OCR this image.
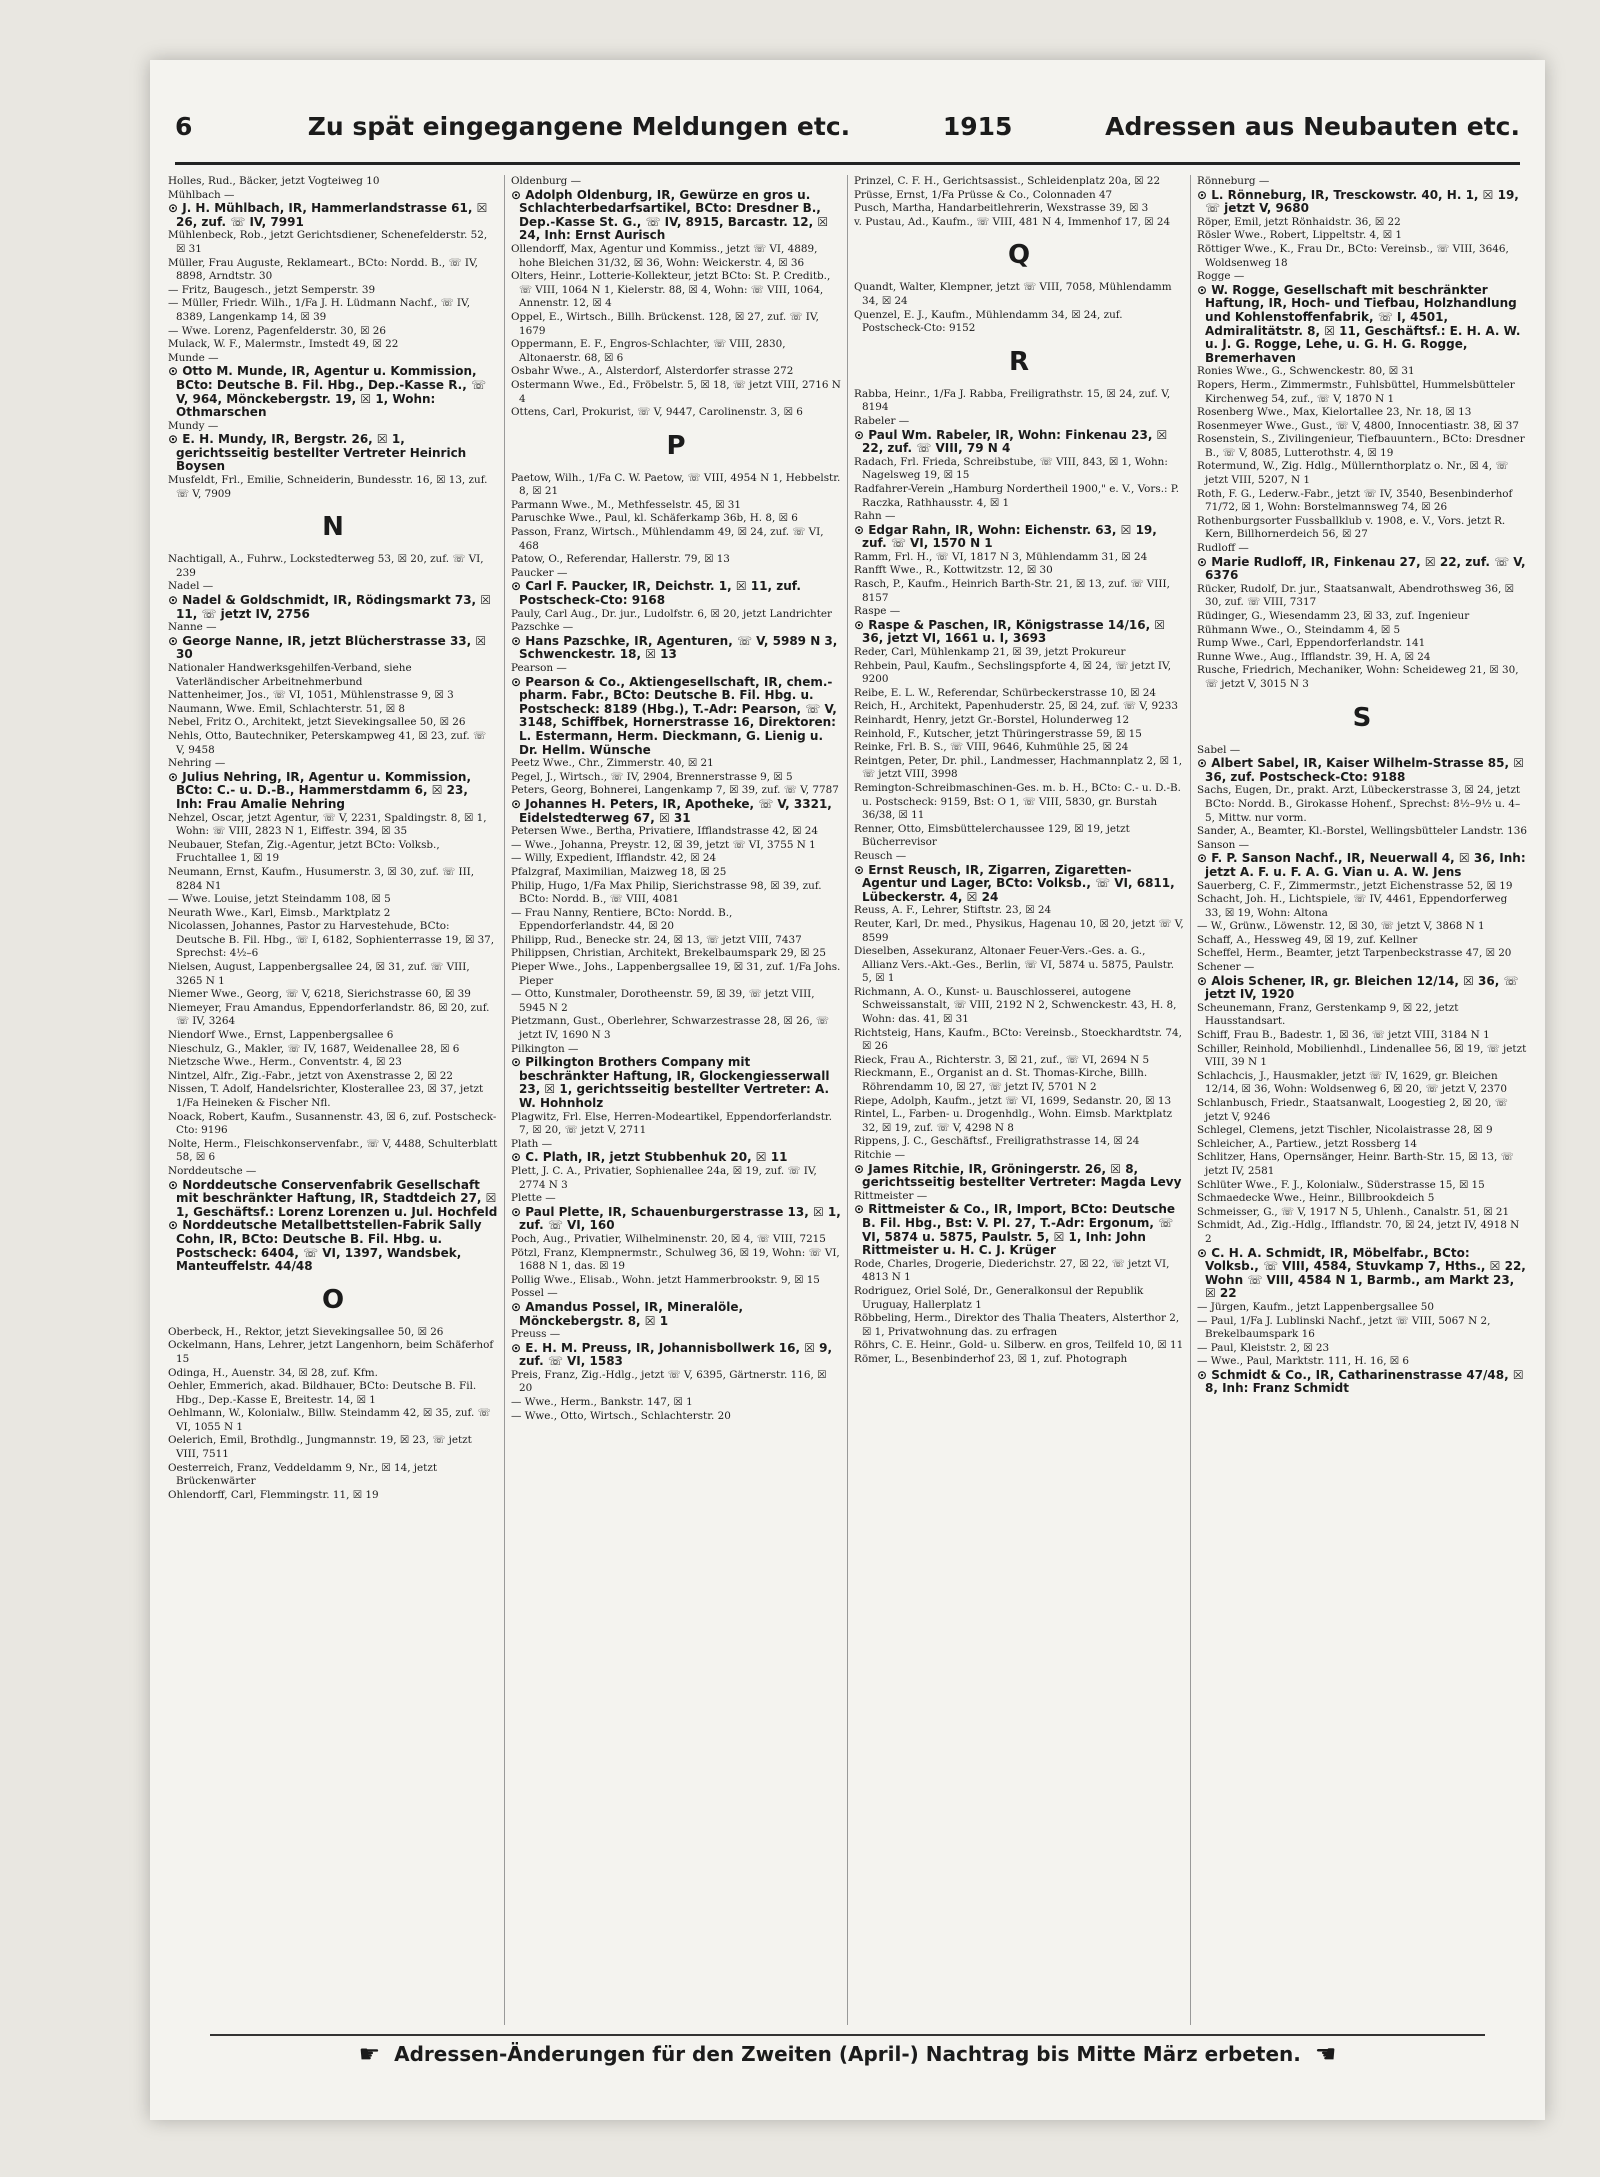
6	Zu spät eingegangene Meldungen etc.	1915	Adressen aus Neubauten etc.
Holles, Rud., Bäcker, jetzt Vogteiweg 10
Mühlbach —
⊙ J. H. Mühlbach, IR, Hammerlandstrasse 61, ☒ 26, zuf. ☏ IV, 7991
Mühlenbeck, Rob., jetzt Gerichtsdiener, Schenefelderstr. 52, ☒ 31
Müller, Frau Auguste, Reklameart., BCto: Nordd. B., ☏ IV, 8898, Arndtstr. 30
— Fritz, Baugesch., jetzt Semperstr. 39
— Müller, Friedr. Wilh., 1/Fa J. H. Lüdmann Nachf., ☏ IV, 8389, Langenkamp 14, ☒ 39
— Wwe. Lorenz, Pagenfelderstr. 30, ☒ 26
Mulack, W. F., Malermstr., Imstedt 49, ☒ 22
Munde —
⊙ Otto M. Munde, IR, Agentur u. Kommission, BCto: Deutsche B. Fil. Hbg., Dep.-Kasse R., ☏ V, 964, Mönckebergstr. 19, ☒ 1, Wohn: Othmarschen
Mundy —
⊙ E. H. Mundy, IR, Bergstr. 26, ☒ 1, gerichtsseitig bestellter Vertreter Heinrich Boysen
Musfeldt, Frl., Emilie, Schneiderin, Bundesstr. 16, ☒ 13, zuf. ☏ V, 7909
N
Nachtigall, A., Fuhrw., Lockstedterweg 53, ☒ 20, zuf. ☏ VI, 239
Nadel —
⊙ Nadel & Goldschmidt, IR, Rödingsmarkt 73, ☒ 11, ☏ jetzt IV, 2756
Nanne —
⊙ George Nanne, IR, jetzt Blücherstrasse 33, ☒ 30
Nationaler Handwerksgehilfen-Verband, siehe Vaterländischer Arbeitnehmerbund
Nattenheimer, Jos., ☏ VI, 1051, Mühlenstrasse 9, ☒ 3
Naumann, Wwe. Emil, Schlachterstr. 51, ☒ 8
Nebel, Fritz O., Architekt, jetzt Sievekingsallee 50, ☒ 26
Nehls, Otto, Bautechniker, Peterskampweg 41, ☒ 23, zuf. ☏ V, 9458
Nehring —
⊙ Julius Nehring, IR, Agentur u. Kommission, BCto: C.- u. D.-B., Hammerstdamm 6, ☒ 23, Inh: Frau Amalie Nehring
Nehzel, Oscar, jetzt Agentur, ☏ V, 2231, Spaldingstr. 8, ☒ 1, Wohn: ☏ VIII, 2823 N 1, Eiffestr. 394, ☒ 35
Neubauer, Stefan, Zig.-Agentur, jetzt BCto: Volksb., Fruchtallee 1, ☒ 19
Neumann, Ernst, Kaufm., Husumerstr. 3, ☒ 30, zuf. ☏ III, 8284 N1
— Wwe. Louise, jetzt Steindamm 108, ☒ 5
Neurath Wwe., Karl, Eimsb., Marktplatz 2
Nicolassen, Johannes, Pastor zu Harvestehude, BCto: Deutsche B. Fil. Hbg., ☏ I, 6182, Sophienterrasse 19, ☒ 37, Sprechst: 4½–6
Nielsen, August, Lappenbergsallee 24, ☒ 31, zuf. ☏ VIII, 3265 N 1
Niemer Wwe., Georg, ☏ V, 6218, Sierichstrasse 60, ☒ 39
Niemeyer, Frau Amandus, Eppendorferlandstr. 86, ☒ 20, zuf. ☏ IV, 3264
Niendorf Wwe., Ernst, Lappenbergsallee 6
Nieschulz, G., Makler, ☏ IV, 1687, Weidenallee 28, ☒ 6
Nietzsche Wwe., Herm., Conventstr. 4, ☒ 23
Nintzel, Alfr., Zig.-Fabr., jetzt von Axenstrasse 2, ☒ 22
Nissen, T. Adolf, Handelsrichter, Klosterallee 23, ☒ 37, jetzt 1/Fa Heineken & Fischer Nfl.
Noack, Robert, Kaufm., Susannenstr. 43, ☒ 6, zuf. Postscheck-Cto: 9196
Nolte, Herm., Fleischkonservenfabr., ☏ V, 4488, Schulterblatt 58, ☒ 6
Norddeutsche —
⊙ Norddeutsche Conservenfabrik Gesellschaft mit beschränkter Haftung, IR, Stadtdeich 27, ☒ 1, Geschäftsf.: Lorenz Lorenzen u. Jul. Hochfeld
⊙ Norddeutsche Metallbettstellen-Fabrik Sally Cohn, IR, BCto: Deutsche B. Fil. Hbg. u. Postscheck: 6404, ☏ VI, 1397, Wandsbek, Manteuffelstr. 44/48
O
Oberbeck, H., Rektor, jetzt Sievekingsallee 50, ☒ 26
Ockelmann, Hans, Lehrer, jetzt Langenhorn, beim Schäferhof 15
Odinga, H., Auenstr. 34, ☒ 28, zuf. Kfm.
Oehler, Emmerich, akad. Bildhauer, BCto: Deutsche B. Fil. Hbg., Dep.-Kasse E, Breitestr. 14, ☒ 1
Oehlmann, W., Kolonialw., Billw. Steindamm 42, ☒ 35, zuf. ☏ VI, 1055 N 1
Oelerich, Emil, Brothdlg., Jungmannstr. 19, ☒ 23, ☏ jetzt VIII, 7511
Oesterreich, Franz, Veddeldamm 9, Nr., ☒ 14, jetzt Brückenwärter
Ohlendorff, Carl, Flemmingstr. 11, ☒ 19
Oldenburg —
⊙ Adolph Oldenburg, IR, Gewürze en gros u. Schlachterbedarfsartikel, BCto: Dresdner B., Dep.-Kasse St. G., ☏ IV, 8915, Barcastr. 12, ☒ 24, Inh: Ernst Aurisch
Ollendorff, Max, Agentur und Kommiss., jetzt ☏ VI, 4889, hohe Bleichen 31/32, ☒ 36, Wohn: Weickerstr. 4, ☒ 36
Olters, Heinr., Lotterie-Kollekteur, jetzt BCto: St. P. Creditb., ☏ VIII, 1064 N 1, Kielerstr. 88, ☒ 4, Wohn: ☏ VIII, 1064, Annenstr. 12, ☒ 4
Oppel, E., Wirtsch., Billh. Brückenst. 128, ☒ 27, zuf. ☏ IV, 1679
Oppermann, E. F., Engros-Schlachter, ☏ VIII, 2830, Altonaerstr. 68, ☒ 6
Osbahr Wwe., A., Alsterdorf, Alsterdorfer strasse 272
Ostermann Wwe., Ed., Fröbelstr. 5, ☒ 18, ☏ jetzt VIII, 2716 N 4
Ottens, Carl, Prokurist, ☏ V, 9447, Carolinenstr. 3, ☒ 6
P
Paetow, Wilh., 1/Fa C. W. Paetow, ☏ VIII, 4954 N 1, Hebbelstr. 8, ☒ 21
Parmann Wwe., M., Methfesselstr. 45, ☒ 31
Paruschke Wwe., Paul, kl. Schäferkamp 36b, H. 8, ☒ 6
Passon, Franz, Wirtsch., Mühlendamm 49, ☒ 24, zuf. ☏ VI, 468
Patow, O., Referendar, Hallerstr. 79, ☒ 13
Paucker —
⊙ Carl F. Paucker, IR, Deichstr. 1, ☒ 11, zuf. Postscheck-Cto: 9168
Pauly, Carl Aug., Dr. jur., Ludolfstr. 6, ☒ 20, jetzt Landrichter
Pazschke —
⊙ Hans Pazschke, IR, Agenturen, ☏ V, 5989 N 3, Schwenckestr. 18, ☒ 13
Pearson —
⊙ Pearson & Co., Aktiengesellschaft, IR, chem.-pharm. Fabr., BCto: Deutsche B. Fil. Hbg. u. Postscheck: 8189 (Hbg.), T.-Adr: Pearson, ☏ V, 3148, Schiffbek, Hornerstrasse 16, Direktoren: L. Estermann, Herm. Dieckmann, G. Lienig u. Dr. Hellm. Wünsche
Peetz Wwe., Chr., Zimmerstr. 40, ☒ 21
Pegel, J., Wirtsch., ☏ IV, 2904, Brennerstrasse 9, ☒ 5
Peters, Georg, Bohnerei, Langenkamp 7, ☒ 39, zuf. ☏ V, 7787
⊙ Johannes H. Peters, IR, Apotheke, ☏ V, 3321, Eidelstedterweg 67, ☒ 31
Petersen Wwe., Bertha, Privatiere, Ifflandstrasse 42, ☒ 24
— Wwe., Johanna, Preystr. 12, ☒ 39, jetzt ☏ VI, 3755 N 1
— Willy, Expedient, Ifflandstr. 42, ☒ 24
Pfalzgraf, Maximilian, Maizweg 18, ☒ 25
Philip, Hugo, 1/Fa Max Philip, Sierichstrasse 98, ☒ 39, zuf. BCto: Nordd. B., ☏ VIII, 4081
— Frau Nanny, Rentiere, BCto: Nordd. B., Eppendorferlandstr. 44, ☒ 20
Philipp, Rud., Benecke str. 24, ☒ 13, ☏ jetzt VIII, 7437
Philippsen, Christian, Architekt, Brekelbaumspark 29, ☒ 25
Pieper Wwe., Johs., Lappenbergsallee 19, ☒ 31, zuf. 1/Fa Johs. Pieper
— Otto, Kunstmaler, Dorotheenstr. 59, ☒ 39, ☏ jetzt VIII, 5945 N 2
Pietzmann, Gust., Oberlehrer, Schwarzestrasse 28, ☒ 26, ☏ jetzt IV, 1690 N 3
Pilkington —
⊙ Pilkington Brothers Company mit beschränkter Haftung, IR, Glockengiesserwall 23, ☒ 1, gerichtsseitig bestellter Vertreter: A. W. Hohnholz
Plagwitz, Frl. Else, Herren-Modeartikel, Eppendorferlandstr. 7, ☒ 20, ☏ jetzt V, 2711
Plath —
⊙ C. Plath, IR, jetzt Stubbenhuk 20, ☒ 11
Plett, J. C. A., Privatier, Sophienallee 24a, ☒ 19, zuf. ☏ IV, 2774 N 3
Plette —
⊙ Paul Plette, IR, Schauenburgerstrasse 13, ☒ 1, zuf. ☏ VI, 160
Poch, Aug., Privatier, Wilhelminenstr. 20, ☒ 4, ☏ VIII, 7215
Pötzl, Franz, Klempnermstr., Schulweg 36, ☒ 19, Wohn: ☏ VI, 1688 N 1, das. ☒ 19
Pollig Wwe., Elisab., Wohn. jetzt Hammerbrookstr. 9, ☒ 15
Possel —
⊙ Amandus Possel, IR, Mineralöle, Mönckebergstr. 8, ☒ 1
Preuss —
⊙ E. H. M. Preuss, IR, Johannisbollwerk 16, ☒ 9, zuf. ☏ VI, 1583
Preis, Franz, Zig.-Hdlg., jetzt ☏ V, 6395, Gärtnerstr. 116, ☒ 20
— Wwe., Herm., Bankstr. 147, ☒ 1
— Wwe., Otto, Wirtsch., Schlachterstr. 20
Prinzel, C. F. H., Gerichtsassist., Schleidenplatz 20a, ☒ 22
Prüsse, Ernst, 1/Fa Prüsse & Co., Colonnaden 47
Pusch, Martha, Handarbeitlehrerin, Wexstrasse 39, ☒ 3
v. Pustau, Ad., Kaufm., ☏ VIII, 481 N 4, Immenhof 17, ☒ 24
Q
Quandt, Walter, Klempner, jetzt ☏ VIII, 7058, Mühlendamm 34, ☒ 24
Quenzel, E. J., Kaufm., Mühlendamm 34, ☒ 24, zuf. Postscheck-Cto: 9152
R
Rabba, Heinr., 1/Fa J. Rabba, Freiligrathstr. 15, ☒ 24, zuf. V, 8194
Rabeler —
⊙ Paul Wm. Rabeler, IR, Wohn: Finkenau 23, ☒ 22, zuf. ☏ VIII, 79 N 4
Radach, Frl. Frieda, Schreibstube, ☏ VIII, 843, ☒ 1, Wohn: Nagelsweg 19, ☒ 15
Radfahrer-Verein „Hamburg Nordertheil 1900," e. V., Vors.: P. Raczka, Rathhausstr. 4, ☒ 1
Rahn —
⊙ Edgar Rahn, IR, Wohn: Eichenstr. 63, ☒ 19, zuf. ☏ VI, 1570 N 1
Ramm, Frl. H., ☏ VI, 1817 N 3, Mühlendamm 31, ☒ 24
Ranfft Wwe., R., Kottwitzstr. 12, ☒ 30
Rasch, P., Kaufm., Heinrich Barth-Str. 21, ☒ 13, zuf. ☏ VIII, 8157
Raspe —
⊙ Raspe & Paschen, IR, Königstrasse 14/16, ☒ 36, jetzt VI, 1661 u. I, 3693
Reder, Carl, Mühlenkamp 21, ☒ 39, jetzt Prokureur
Rehbein, Paul, Kaufm., Sechslingspforte 4, ☒ 24, ☏ jetzt IV, 9200
Reibe, E. L. W., Referendar, Schürbeckerstrasse 10, ☒ 24
Reich, H., Architekt, Papenhuderstr. 25, ☒ 24, zuf. ☏ V, 9233
Reinhardt, Henry, jetzt Gr.-Borstel, Holunderweg 12
Reinhold, F., Kutscher, jetzt Thüringerstrasse 59, ☒ 15
Reinke, Frl. B. S., ☏ VIII, 9646, Kuhmühle 25, ☒ 24
Reintgen, Peter, Dr. phil., Landmesser, Hachmannplatz 2, ☒ 1, ☏ jetzt VIII, 3998
Remington-Schreibmaschinen-Ges. m. b. H., BCto: C.- u. D.-B. u. Postscheck: 9159, Bst: O 1, ☏ VIII, 5830, gr. Burstah 36/38, ☒ 11
Renner, Otto, Eimsbüttelerchaussee 129, ☒ 19, jetzt Bücherrevisor
Reusch —
⊙ Ernst Reusch, IR, Zigarren, Zigaretten-Agentur und Lager, BCto: Volksb., ☏ VI, 6811, Lübeckerstr. 4, ☒ 24
Reuss, A. F., Lehrer, Stiftstr. 23, ☒ 24
Reuter, Karl, Dr. med., Physikus, Hagenau 10, ☒ 20, jetzt ☏ V, 8599
Dieselben, Assekuranz, Altonaer Feuer-Vers.-Ges. a. G., Allianz Vers.-Akt.-Ges., Berlin, ☏ VI, 5874 u. 5875, Paulstr. 5, ☒ 1
Richmann, A. O., Kunst- u. Bauschlosserei, autogene Schweissanstalt, ☏ VIII, 2192 N 2, Schwenckestr. 43, H. 8, Wohn: das. 41, ☒ 31
Richtsteig, Hans, Kaufm., BCto: Vereinsb., Stoeckhardtstr. 74, ☒ 26
Rieck, Frau A., Richterstr. 3, ☒ 21, zuf., ☏ VI, 2694 N 5
Rieckmann, E., Organist an d. St. Thomas-Kirche, Billh. Röhrendamm 10, ☒ 27, ☏ jetzt IV, 5701 N 2
Riepe, Adolph, Kaufm., jetzt ☏ VI, 1699, Sedanstr. 20, ☒ 13
Rintel, L., Farben- u. Drogenhdlg., Wohn. Eimsb. Marktplatz 32, ☒ 19, zuf. ☏ V, 4298 N 8
Rippens, J. C., Geschäftsf., Freiligrathstrasse 14, ☒ 24
Ritchie —
⊙ James Ritchie, IR, Gröningerstr. 26, ☒ 8, gerichtsseitig bestellter Vertreter: Magda Levy
Rittmeister —
⊙ Rittmeister & Co., IR, Import, BCto: Deutsche B. Fil. Hbg., Bst: V. Pl. 27, T.-Adr: Ergonum, ☏ VI, 5874 u. 5875, Paulstr. 5, ☒ 1, Inh: John Rittmeister u. H. C. J. Krüger
Rode, Charles, Drogerie, Diederichstr. 27, ☒ 22, ☏ jetzt VI, 4813 N 1
Rodriguez, Oriel Solé, Dr., Generalkonsul der Republik Uruguay, Hallerplatz 1
Röbbeling, Herm., Direktor des Thalia Theaters, Alsterthor 2, ☒ 1, Privatwohnung das. zu erfragen
Röhrs, C. E. Heinr., Gold- u. Silberw. en gros, Teilfeld 10, ☒ 11
Römer, L., Besenbinderhof 23, ☒ 1, zuf. Photograph
Rönneburg —
⊙ L. Rönneburg, IR, Tresckowstr. 40, H. 1, ☒ 19, ☏ jetzt V, 9680
Röper, Emil, jetzt Rönhaidstr. 36, ☒ 22
Rösler Wwe., Robert, Lippeltstr. 4, ☒ 1
Röttiger Wwe., K., Frau Dr., BCto: Vereinsb., ☏ VIII, 3646, Woldsenweg 18
Rogge —
⊙ W. Rogge, Gesellschaft mit beschränkter Haftung, IR, Hoch- und Tiefbau, Holzhandlung und Kohlenstoffenfabrik, ☏ I, 4501, Admiralitätstr. 8, ☒ 11, Geschäftsf.: E. H. A. W. u. J. G. Rogge, Lehe, u. G. H. G. Rogge, Bremerhaven
Ronies Wwe., G., Schwenckestr. 80, ☒ 31
Ropers, Herm., Zimmermstr., Fuhlsbüttel, Hummelsbütteler Kirchenweg 54, zuf., ☏ V, 1870 N 1
Rosenberg Wwe., Max, Kielortallee 23, Nr. 18, ☒ 13
Rosenmeyer Wwe., Gust., ☏ V, 4800, Innocentiastr. 38, ☒ 37
Rosenstein, S., Zivilingenieur, Tiefbauuntern., BCto: Dresdner B., ☏ V, 8085, Lutterothstr. 4, ☒ 19
Rotermund, W., Zig. Hdlg., Müllernthorplatz o. Nr., ☒ 4, ☏ jetzt VIII, 5207, N 1
Roth, F. G., Lederw.-Fabr., jetzt ☏ IV, 3540, Besenbinderhof 71/72, ☒ 1, Wohn: Borstelmannsweg 74, ☒ 26
Rothenburgsorter Fussballklub v. 1908, e. V., Vors. jetzt R. Kern, Billhornerdeich 56, ☒ 27
Rudloff —
⊙ Marie Rudloff, IR, Finkenau 27, ☒ 22, zuf. ☏ V, 6376
Rücker, Rudolf, Dr. jur., Staatsanwalt, Abendrothsweg 36, ☒ 30, zuf. ☏ VIII, 7317
Rüdinger, G., Wiesendamm 23, ☒ 33, zuf. Ingenieur
Rühmann Wwe., O., Steindamm 4, ☒ 5
Rump Wwe., Carl, Eppendorferlandstr. 141
Runne Wwe., Aug., Ifflandstr. 39, H. A, ☒ 24
Rusche, Friedrich, Mechaniker, Wohn: Scheideweg 21, ☒ 30, ☏ jetzt V, 3015 N 3
S
Sabel —
⊙ Albert Sabel, IR, Kaiser Wilhelm-Strasse 85, ☒ 36, zuf. Postscheck-Cto: 9188
Sachs, Eugen, Dr., prakt. Arzt, Lübeckerstrasse 3, ☒ 24, jetzt BCto: Nordd. B., Girokasse Hohenf., Sprechst: 8½–9½ u. 4–5, Mittw. nur vorm.
Sander, A., Beamter, Kl.-Borstel, Wellingsbütteler Landstr. 136
Sanson —
⊙ F. P. Sanson Nachf., IR, Neuerwall 4, ☒ 36, Inh: jetzt A. F. u. F. A. G. Vian u. A. W. Jens
Sauerberg, C. F., Zimmermstr., jetzt Eichenstrasse 52, ☒ 19
Schacht, Joh. H., Lichtspiele, ☏ IV, 4461, Eppendorferweg 33, ☒ 19, Wohn: Altona
— W., Grünw., Löwenstr. 12, ☒ 30, ☏ jetzt V, 3868 N 1
Schaff, A., Hessweg 49, ☒ 19, zuf. Kellner
Scheffel, Herm., Beamter, jetzt Tarpenbeckstrasse 47, ☒ 20
Schener —
⊙ Alois Schener, IR, gr. Bleichen 12/14, ☒ 36, ☏ jetzt IV, 1920
Scheunemann, Franz, Gerstenkamp 9, ☒ 22, jetzt Hausstandsart.
Schiff, Frau B., Badestr. 1, ☒ 36, ☏ jetzt VIII, 3184 N 1
Schiller, Reinhold, Mobilienhdl., Lindenallee 56, ☒ 19, ☏ jetzt VIII, 39 N 1
Schlachcis, J., Hausmakler, jetzt ☏ IV, 1629, gr. Bleichen 12/14, ☒ 36, Wohn: Woldsenweg 6, ☒ 20, ☏ jetzt V, 2370
Schlanbusch, Friedr., Staatsanwalt, Loogestieg 2, ☒ 20, ☏ jetzt V, 9246
Schlegel, Clemens, jetzt Tischler, Nicolaistrasse 28, ☒ 9
Schleicher, A., Partiew., jetzt Rossberg 14
Schlitzer, Hans, Opernsänger, Heinr. Barth-Str. 15, ☒ 13, ☏ jetzt IV, 2581
Schlüter Wwe., F. J., Kolonialw., Süderstrasse 15, ☒ 15
Schmaedecke Wwe., Heinr., Billbrookdeich 5
Schmeisser, G., ☏ V, 1917 N 5, Uhlenh., Canalstr. 51, ☒ 21
Schmidt, Ad., Zig.-Hdlg., Ifflandstr. 70, ☒ 24, jetzt IV, 4918 N 2
⊙ C. H. A. Schmidt, IR, Möbelfabr., BCto: Volksb., ☏ VIII, 4584, Stuvkamp 7, Hths., ☒ 22, Wohn ☏ VIII, 4584 N 1, Barmb., am Markt 23, ☒ 22
— Jürgen, Kaufm., jetzt Lappenbergsallee 50
— Paul, 1/Fa J. Lublinski Nachf., jetzt ☏ VIII, 5067 N 2, Brekelbaumspark 16
— Paul, Kleiststr. 2, ☒ 23
— Wwe., Paul, Marktstr. 111, H. 16, ☒ 6
⊙ Schmidt & Co., IR, Catharinenstrasse 47/48, ☒ 8, Inh: Franz Schmidt
☛ Adressen-Änderungen für den Zweiten (April-) Nachtrag bis Mitte März erbeten. ☚
